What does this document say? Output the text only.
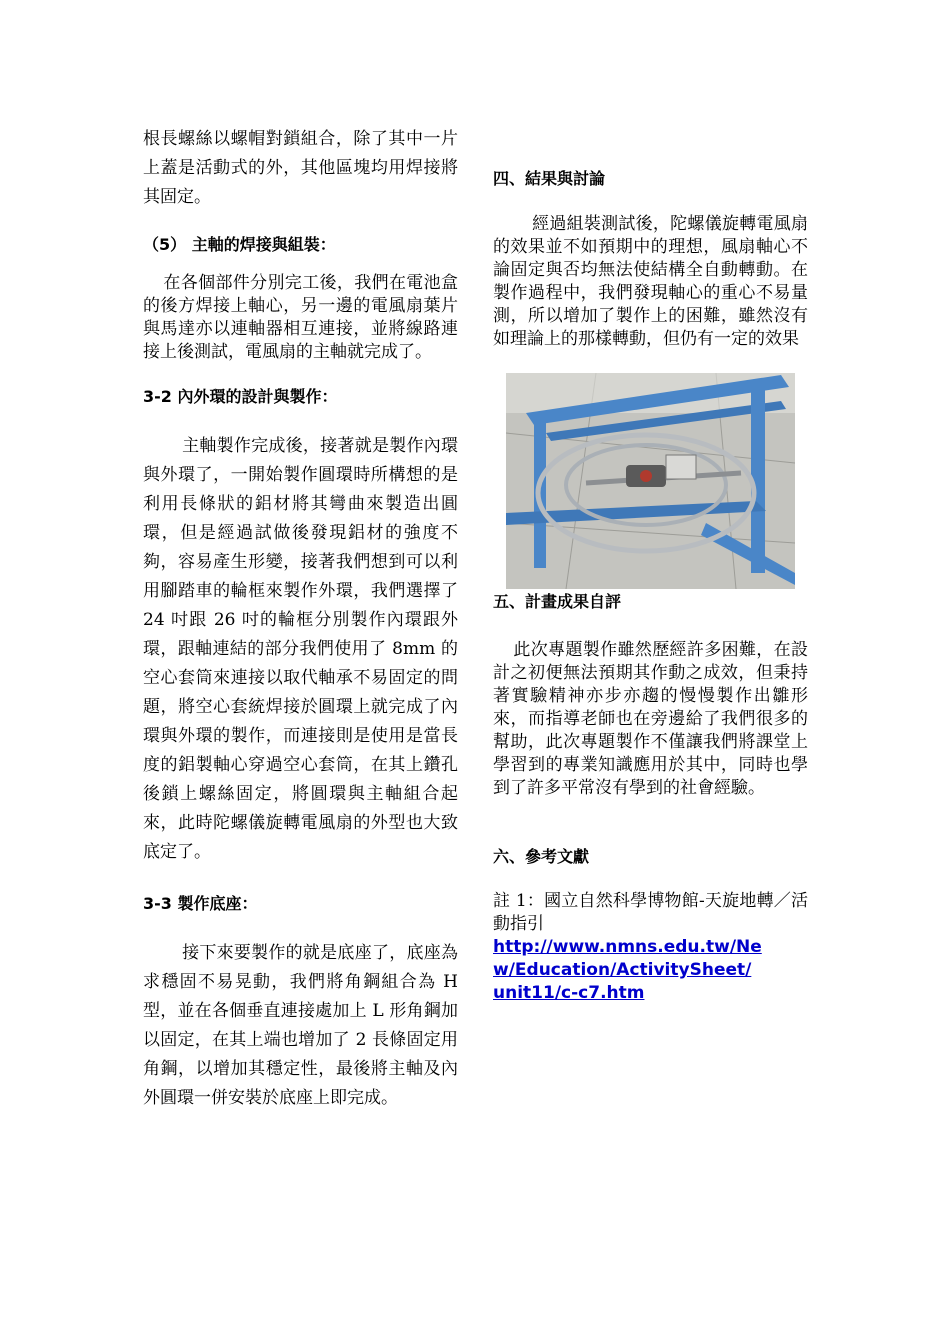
根長螺絲以螺帽對鎖組合，除了其中一片上蓋是活動式的外，其他區塊均用焊接將其固定。

（5） 主軸的焊接與組裝：

在各個部件分別完工後，我們在電池盒的後方焊接上軸心，另一邊的電風扇葉片與馬達亦以連軸器相互連接，並將線路連接上後測試，電風扇的主軸就完成了。

3-2 內外環的設計與製作：

主軸製作完成後，接著就是製作內環與外環了，一開始製作圓環時所構想的是利用長條狀的鋁材將其彎曲來製造出圓環，但是經過試做後發現鋁材的強度不夠，容易產生形變，接著我們想到可以利用腳踏車的輪框來製作外環，我們選擇了 24 吋跟 26 吋的輪框分別製作內環跟外環，跟軸連結的部分我們使用了 8mm 的空心套筒來連接以取代軸承不易固定的問題，將空心套統焊接於圓環上就完成了內環與外環的製作，而連接則是使用是當長度的鋁製軸心穿過空心套筒，在其上鑽孔後鎖上螺絲固定，將圓環與主軸組合起來，此時陀螺儀旋轉電風扇的外型也大致底定了。

3-3 製作底座：

接下來要製作的就是底座了，底座為求穩固不易晃動，我們將角鋼組合為 H 型，並在各個垂直連接處加上 L 形角鋼加以固定，在其上端也增加了 2 長條固定用角鋼，以增加其穩定性，最後將主軸及內外圓環一併安裝於底座上即完成。

四、結果與討論

經過組裝測試後，陀螺儀旋轉電風扇的效果並不如預期中的理想，風扇軸心不論固定與否均無法使結構全自動轉動。在製作過程中，我們發現軸心的重心不易量測，所以增加了製作上的困難，雖然沒有如理論上的那樣轉動，但仍有一定的效果

五、計畫成果自評

此次專題製作雖然歷經許多困難，在設計之初便無法預期其作動之成效，但秉持著實驗精神亦步亦趨的慢慢製作出雛形來，而指導老師也在旁邊給了我們很多的幫助，此次專題製作不僅讓我們將課堂上學習到的專業知識應用於其中，同時也學到了許多平常沒有學到的社會經驗。

六、參考文獻

註 1：國立自然科學博物館-天旋地轉／活動指引

http://www.nmns.edu.tw/New/Education/ActivitySheet/unit11/c-c7.htm
